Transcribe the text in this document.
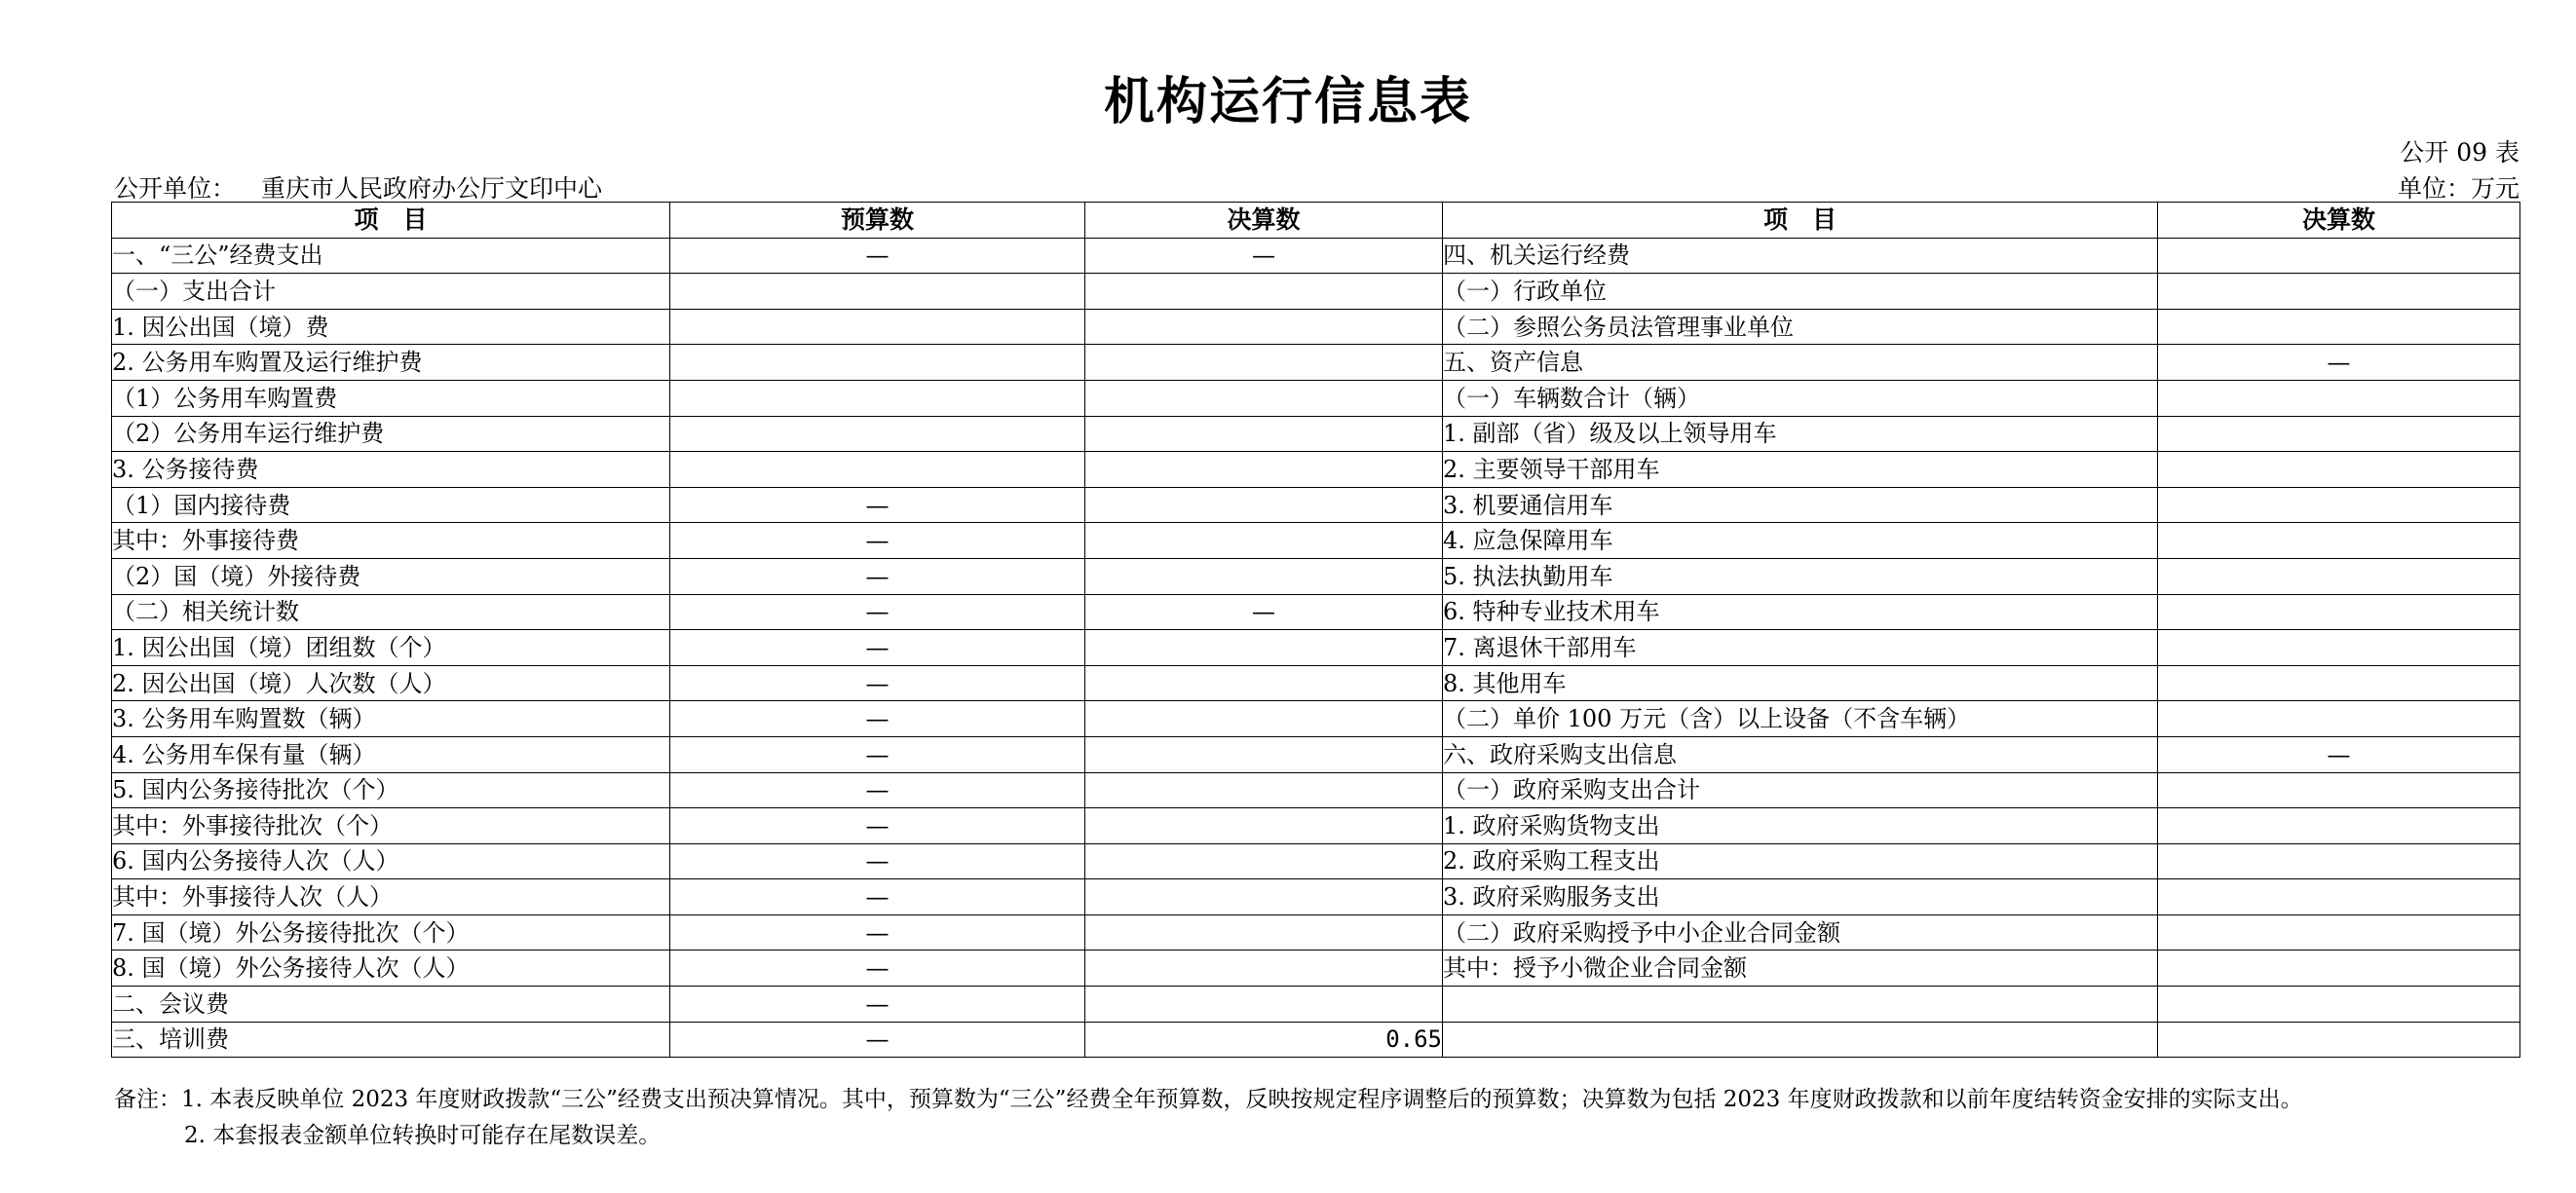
机构运行信息表
公开 09 表
公开单位： 重庆市人民政府办公厅文印中心	单位：万元
项　目	预算数	决算数	项　目	决算数
一、“三公”经费支出	—	—	四、机关运行经费	
（一）支出合计			（一）行政单位	
1. 因公出国（境）费			（二）参照公务员法管理事业单位	
2. 公务用车购置及运行维护费			五、资产信息	—
（1）公务用车购置费			（一）车辆数合计（辆）	
（2）公务用车运行维护费			1. 副部（省）级及以上领导用车	
3. 公务接待费			2. 主要领导干部用车	
（1）国内接待费	—		3. 机要通信用车	
其中：外事接待费	—		4. 应急保障用车	
（2）国（境）外接待费	—		5. 执法执勤用车	
（二）相关统计数	—	—	6. 特种专业技术用车	
1. 因公出国（境）团组数（个）	—		7. 离退休干部用车	
2. 因公出国（境）人次数（人）	—		8. 其他用车	
3. 公务用车购置数（辆）	—		（二）单价 100 万元（含）以上设备（不含车辆）	
4. 公务用车保有量（辆）	—		六、政府采购支出信息	—
5. 国内公务接待批次（个）	—		（一）政府采购支出合计	
其中：外事接待批次（个）	—		1. 政府采购货物支出	
6. 国内公务接待人次（人）	—		2. 政府采购工程支出	
其中：外事接待人次（人）	—		3. 政府采购服务支出	
7. 国（境）外公务接待批次（个）	—		（二）政府采购授予中小企业合同金额	
8. 国（境）外公务接待人次（人）	—		其中：授予小微企业合同金额	
二、会议费	—			
三、培训费	—	0.65		
备注：1. 本表反映单位 2023 年度财政拨款“三公”经费支出预决算情况。其中，预算数为“三公”经费全年预算数，反映按规定程序调整后的预算数；决算数为包括 2023 年度财政拨款和以前年度结转资金安排的实际支出。
2. 本套报表金额单位转换时可能存在尾数误差。
